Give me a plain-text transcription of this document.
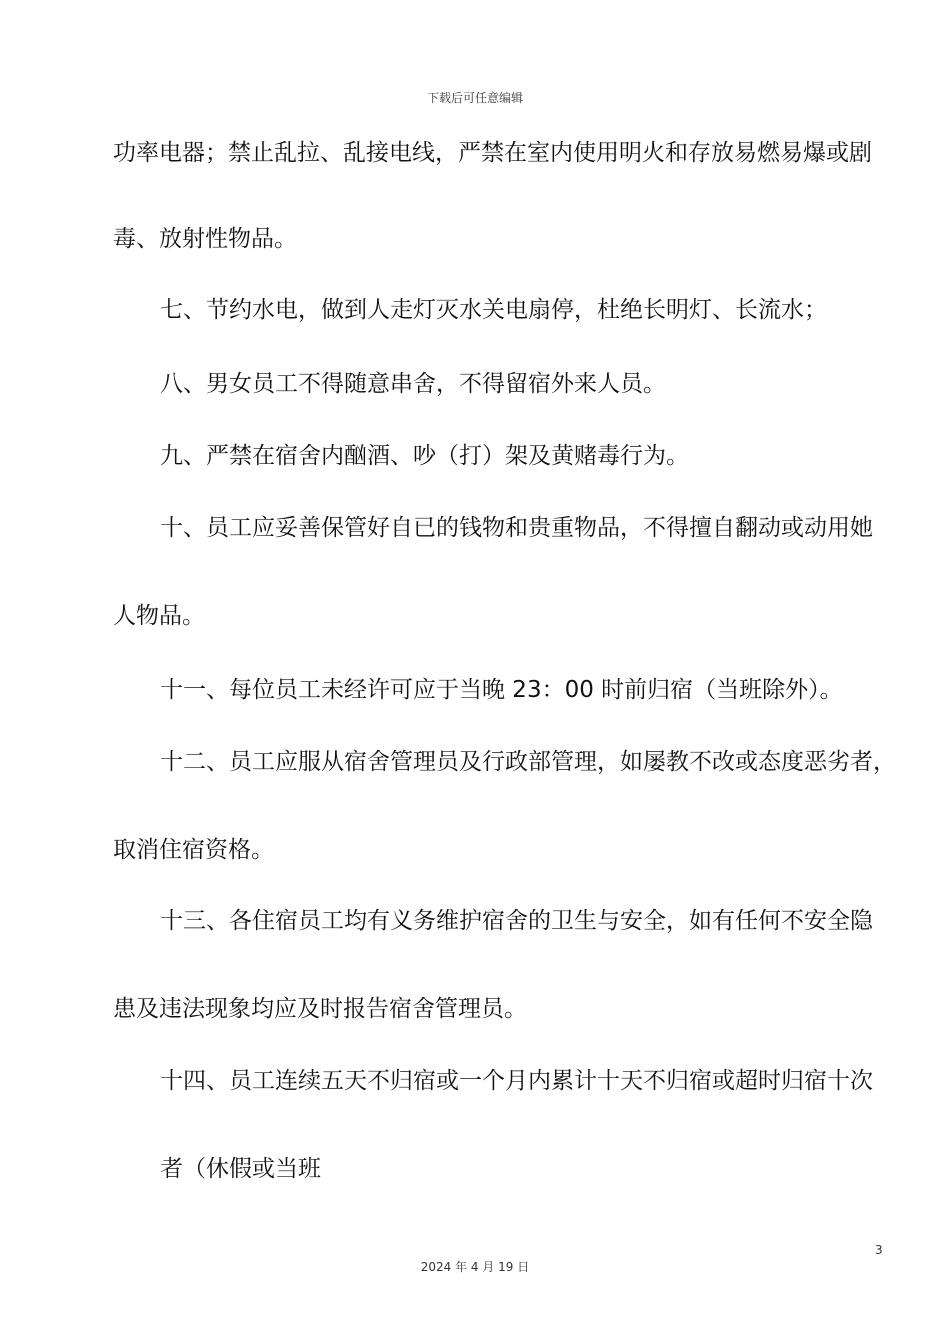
下载后可任意编辑
功率电器；禁止乱拉、乱接电线，严禁在室内使用明火和存放易燃易爆或剧
毒、放射性物品。
七、节约水电，做到人走灯灭水关电扇停，杜绝长明灯、长流水；
八、男女员工不得随意串舍，不得留宿外来人员。
九、严禁在宿舍内酗酒、吵（打）架及黄赌毒行为。
十、员工应妥善保管好自已的钱物和贵重物品，不得擅自翻动或动用她
人物品。
十一、每位员工未经许可应于当晚 23：00 时前归宿（当班除外）。
十二、员工应服从宿舍管理员及行政部管理，如屡教不改或态度恶劣者，
取消住宿资格。
十三、各住宿员工均有义务维护宿舍的卫生与安全，如有任何不安全隐
患及违法现象均应及时报告宿舍管理员。
十四、员工连续五天不归宿或一个月内累计十天不归宿或超时归宿十次
者（休假或当班
3
2024 年 4 月 19 日
